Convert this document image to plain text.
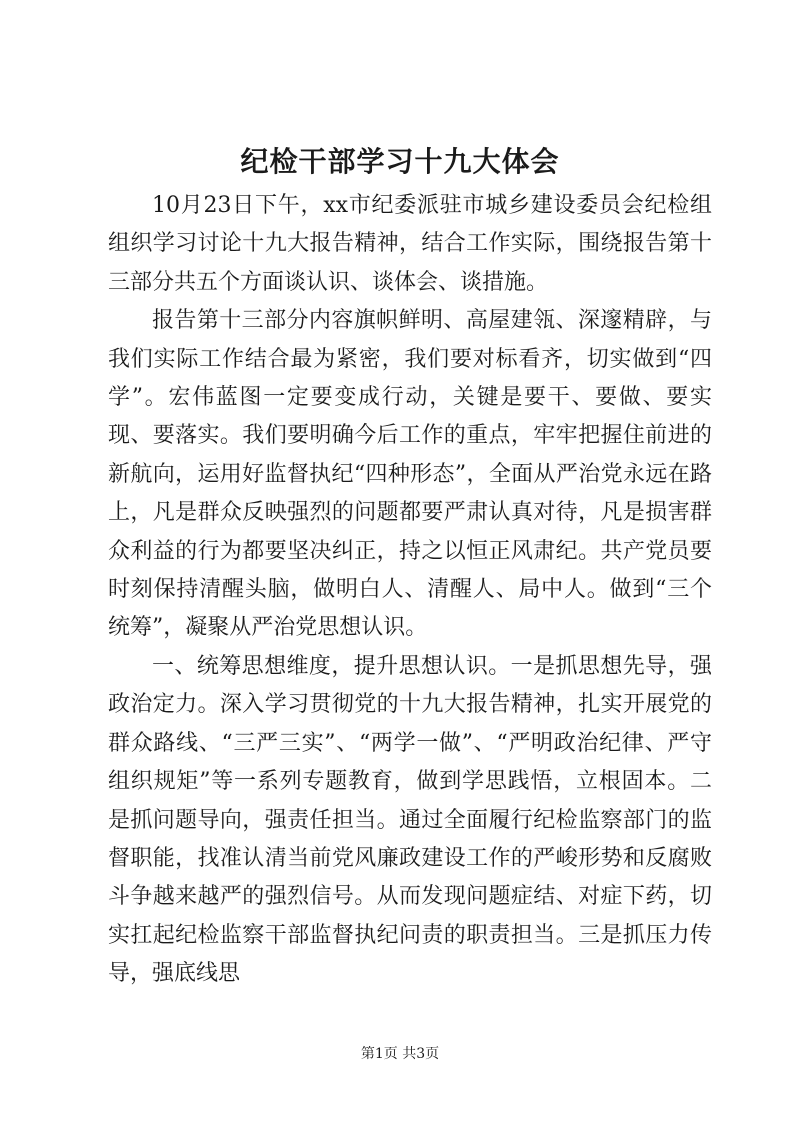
纪检干部学习十九大体会

10月23日下午，xx市纪委派驻市城乡建设委员会纪检组组织学习讨论十九大报告精神，结合工作实际，围绕报告第十三部分共五个方面谈认识、谈体会、谈措施。

报告第十三部分内容旗帜鲜明、高屋建瓴、深邃精辟，与我们实际工作结合最为紧密，我们要对标看齐，切实做到“四学”。宏伟蓝图一定要变成行动，关键是要干、要做、要实现、要落实。我们要明确今后工作的重点，牢牢把握住前进的新航向，运用好监督执纪“四种形态”，全面从严治党永远在路上，凡是群众反映强烈的问题都要严肃认真对待，凡是损害群众利益的行为都要坚决纠正，持之以恒正风肃纪。共产党员要时刻保持清醒头脑，做明白人、清醒人、局中人。做到“三个统筹”，凝聚从严治党思想认识。

一、统筹思想维度，提升思想认识。一是抓思想先导，强政治定力。深入学习贯彻党的十九大报告精神，扎实开展党的群众路线、“三严三实”、“两学一做”、“严明政治纪律、严守组织规矩”等一系列专题教育，做到学思践悟，立根固本。二是抓问题导向，强责任担当。通过全面履行纪检监察部门的监督职能，找准认清当前党风廉政建设工作的严峻形势和反腐败斗争越来越严的强烈信号。从而发现问题症结、对症下药，切实扛起纪检监察干部监督执纪问责的职责担当。三是抓压力传导，强底线思

第1页 共3页
